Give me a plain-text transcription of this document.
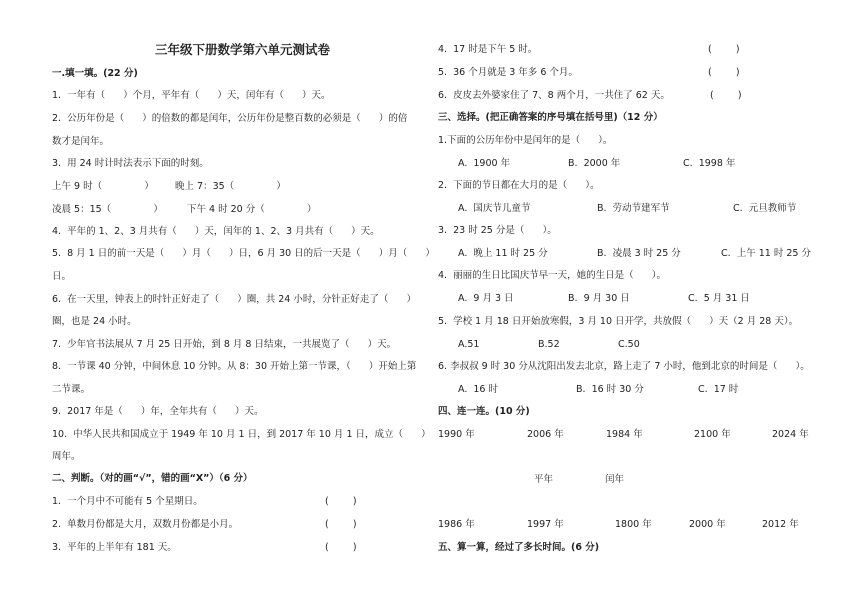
三年级下册数学第六单元测试卷
一.填一填。(22 分)
1.  一年有（      ）个月，平年有（      ）天，闰年有（      ）天。
2.  公历年份是（      ）的倍数的都是闰年，公历年份是整百数的必须是（      ）的倍
数才是闰年。
3.  用 24 时计时法表示下面的时刻。
上午 9 时（              ） 晚上 7：35（              ）
凌晨 5：15（              ）	下午 4 时 20 分（              ）
4.  平年的 1、2、3 月共有（      ）天，闰年的 1、2、3 月共有（      ）天。
5.  8 月 1 日的前一天是（      ）月（      ）日，6 月 30 日的后一天是（      ）月（      ）
日。
6.  在一天里，钟表上的时针正好走了（      ）圈，共 24 小时，分针正好走了（      ）
圈，也是 24 小时。
7.  少年官书法展从 7 月 25 日开始，到 8 月 8 日结束，一共展览了（      ）天。
8.  一节课 40 分钟，中间休息 10 分钟。从 8：30 开始上第一节课，（      ）开始上第
二节课。
9.  2017 年是（      ）年，全年共有（      ）天。
10.  中华人民共和国成立于 1949 年 10 月 1 日，到 2017 年 10 月 1 日，成立（      ）
周年。
二、判断。（对的画“√”，错的画“X”）（6 分）
1.  一个月中不可能有 5 个星期日。	(        )
2.  单数月份都是大月，双数月份都是小月。	(        )
3.  平年的上半年有 181 天。	(        )
4.  17 时是下午 5 时。	(        )
5.  36 个月就是 3 年多 6 个月。	(        )
6.  皮皮去外婆家住了 7、8 两个月，一共住了 62 天。	(        )
三、选择。(把正确答案的序号填在括号里)（12 分）
1.下面的公历年份中是闰年的是（      ）。
A.  1900 年	B.  2000 年	C.  1998 年
2.  下面的节日都在大月的是（      ）。
A.  国庆节儿童节	B.  劳动节建军节	C.  元旦教师节
3.  23 时 25 分是（      ）。
A.  晚上 11 时 25 分	B.  凌晨 3 时 25 分	C.  上午 11 时 25 分
4.  丽丽的生日比国庆节早一天，她的生日是（      ）。
A.  9 月 3 日	B.  9 月 30 日	C.  5 月 31 日
5.  学校 1 月 18 日开始放寒假，3 月 10 日开学，共放假（      ）天（2 月 28 天）。
A.51	B.52	C.50
6. 李叔叔 9 时 30 分从沈阳出发去北京，路上走了 7 小时，他到北京的时间是（      ）。
A.  16 时	B.  16 时 30 分	C.  17 时
四、连一连。(10 分)
1990 年	2006 年	1984 年	2100 年	2024 年
平年	闰年
1986 年	1997 年	1800 年	2000 年	2012 年
五、算一算，经过了多长时间。(6 分)
